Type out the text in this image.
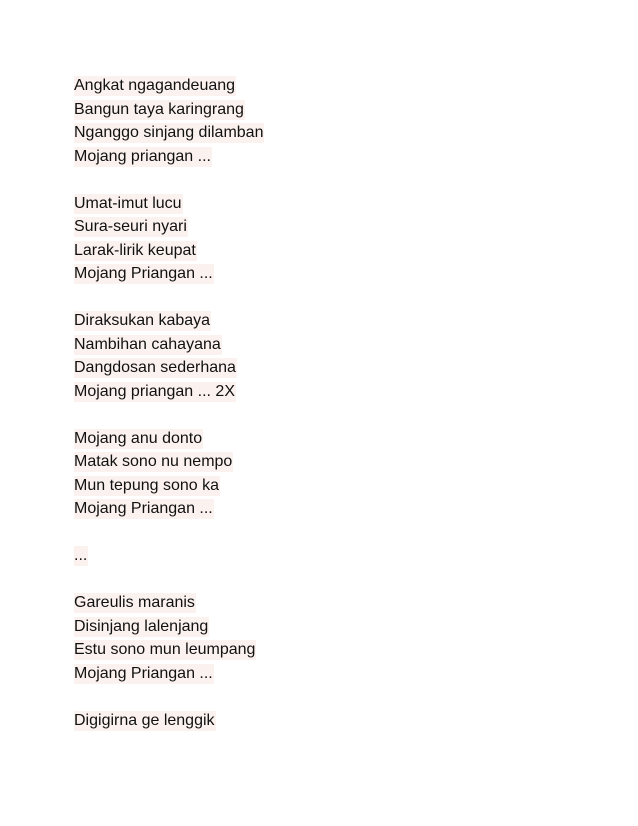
Angkat ngagandeuang
Bangun taya karingrang
Nganggo sinjang dilamban
Mojang priangan ...
Umat-imut lucu
Sura-seuri nyari
Larak-lirik keupat
Mojang Priangan ...
Diraksukan kabaya
Nambihan cahayana
Dangdosan sederhana
Mojang priangan ... 2X
Mojang anu donto
Matak sono nu nempo
Mun tepung sono ka
Mojang Priangan ...
...
Gareulis maranis
Disinjang lalenjang
Estu sono mun leumpang
Mojang Priangan ...
Digigirna ge lenggik
